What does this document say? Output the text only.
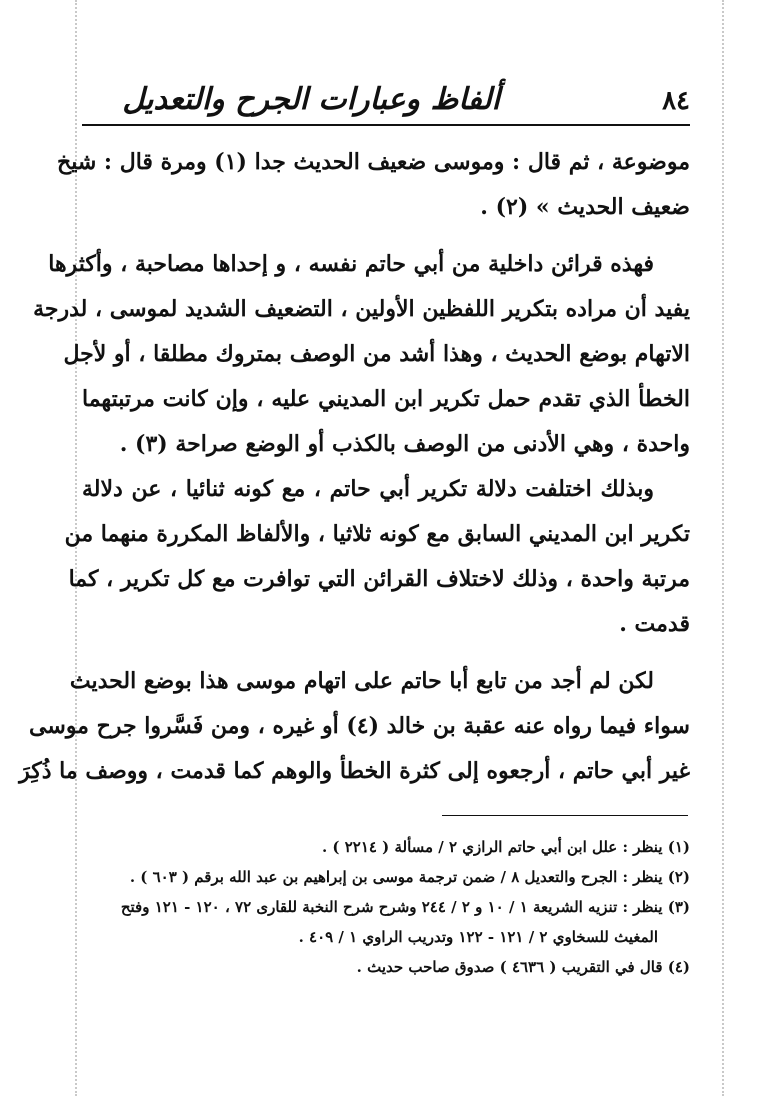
٨٤
ألفاظ وعبارات الجرح والتعديل
موضوعة ، ثم قال : وموسى ضعيف الحديث جدا (١) ومرة قال : شيخ
ضعيف الحديث » (٢) .
فهذه قرائن داخلية من أبي حاتم نفسه ، و إحداها مصاحبة ، وأكثرها
يفيد أن مراده بتكرير اللفظين الأولين ، التضعيف الشديد لموسى ، لدرجة
الاتهام بوضع الحديث ، وهذا أشد من الوصف بمتروك مطلقا ، أو لأجل
الخطأ الذي تقدم حمل تكرير ابن المديني عليه ، وإن كانت مرتبتهما
واحدة ، وهي الأدنى من الوصف بالكذب أو الوضع صراحة (٣) .
وبذلك اختلفت دلالة تكرير أبي حاتم ، مع كونه ثنائيا ، عن دلالة
تكرير ابن المديني السابق مع كونه ثلاثيا ، والألفاظ المكررة منهما من
مرتبة واحدة ، وذلك لاختلاف القرائن التي توافرت مع كل تكرير ، كما
قدمت .
لكن لم أجد من تابع أبا حاتم على اتهام موسى هذا بوضع الحديث
سواء فيما رواه عنه عقبة بن خالد (٤) أو غيره ، ومن فَسَّروا جرح موسى
غير أبي حاتم ، أرجعوه إلى كثرة الخطأ والوهم كما قدمت ، ووصف ما ذُكِرَ
(١) ينظر : علل ابن أبي حاتم الرازي ٢ / مسألة ( ٢٢١٤ ) .
(٢) ينظر : الجرح والتعديل ٨ / ضمن ترجمة موسى بن إبراهيم بن عبد الله برقم ( ٦٠٣ ) .
(٣) ينظر : تنزيه الشريعة ١ / ١٠ و ٢ / ٢٤٤ وشرح شرح النخبة للقارى ٧٢ ، ١٢٠ - ١٢١ وفتح
المغيث للسخاوي ٢ / ١٢١ - ١٢٢ وتدريب الراوي ١ / ٤٠٩ .
(٤) قال في التقريب ( ٤٦٣٦ ) صدوق صاحب حديث .
